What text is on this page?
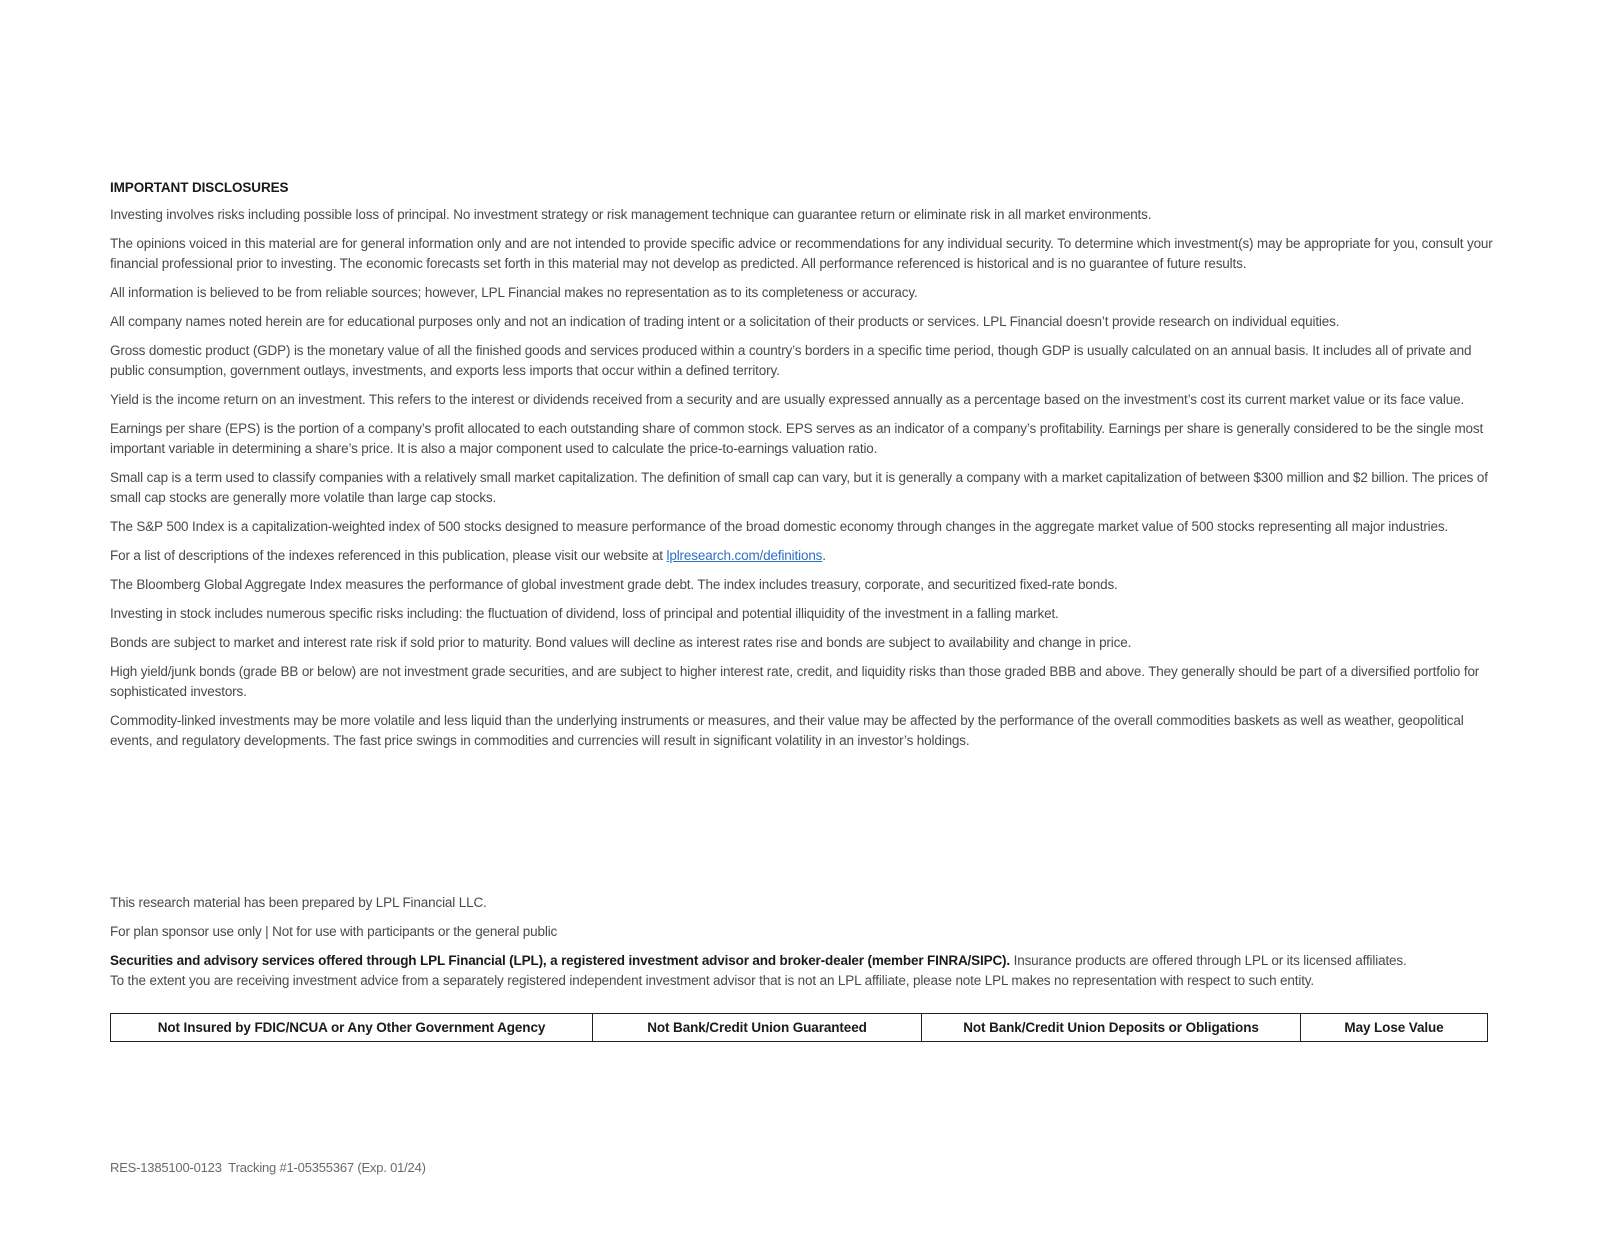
IMPORTANT DISCLOSURES

Investing involves risks including possible loss of principal. No investment strategy or risk management technique can guarantee return or eliminate risk in all market environments.

The opinions voiced in this material are for general information only and are not intended to provide specific advice or recommendations for any individual security. To determine which investment(s) may be appropriate for you, consult your financial professional prior to investing. The economic forecasts set forth in this material may not develop as predicted. All performance referenced is historical and is no guarantee of future results.

All information is believed to be from reliable sources; however, LPL Financial makes no representation as to its completeness or accuracy.

All company names noted herein are for educational purposes only and not an indication of trading intent or a solicitation of their products or services. LPL Financial doesn’t provide research on individual equities.

Gross domestic product (GDP) is the monetary value of all the finished goods and services produced within a country’s borders in a specific time period, though GDP is usually calculated on an annual basis. It includes all of private and public consumption, government outlays, investments, and exports less imports that occur within a defined territory.

Yield is the income return on an investment. This refers to the interest or dividends received from a security and are usually expressed annually as a percentage based on the investment’s cost its current market value or its face value.

Earnings per share (EPS) is the portion of a company’s profit allocated to each outstanding share of common stock. EPS serves as an indicator of a company’s profitability. Earnings per share is generally considered to be the single most important variable in determining a share’s price. It is also a major component used to calculate the price-to-earnings valuation ratio.

Small cap is a term used to classify companies with a relatively small market capitalization. The definition of small cap can vary, but it is generally a company with a market capitalization of between $300 million and $2 billion. The prices of small cap stocks are generally more volatile than large cap stocks.

The S&P 500 Index is a capitalization-weighted index of 500 stocks designed to measure performance of the broad domestic economy through changes in the aggregate market value of 500 stocks representing all major industries.

For a list of descriptions of the indexes referenced in this publication, please visit our website at lplresearch.com/definitions.

The Bloomberg Global Aggregate Index measures the performance of global investment grade debt. The index includes treasury, corporate, and securitized fixed-rate bonds.

Investing in stock includes numerous specific risks including: the fluctuation of dividend, loss of principal and potential illiquidity of the investment in a falling market.

Bonds are subject to market and interest rate risk if sold prior to maturity. Bond values will decline as interest rates rise and bonds are subject to availability and change in price.

High yield/junk bonds (grade BB or below) are not investment grade securities, and are subject to higher interest rate, credit, and liquidity risks than those graded BBB and above. They generally should be part of a diversified portfolio for sophisticated investors.

Commodity-linked investments may be more volatile and less liquid than the underlying instruments or measures, and their value may be affected by the performance of the overall commodities baskets as well as weather, geopolitical events, and regulatory developments. The fast price swings in commodities and currencies will result in significant volatility in an investor’s holdings.

This research material has been prepared by LPL Financial LLC.

For plan sponsor use only | Not for use with participants or the general public

Securities and advisory services offered through LPL Financial (LPL), a registered investment advisor and broker-dealer (member FINRA/SIPC). Insurance products are offered through LPL or its licensed affiliates.
To the extent you are receiving investment advice from a separately registered independent investment advisor that is not an LPL affiliate, please note LPL makes no representation with respect to such entity.

Not Insured by FDIC/NCUA or Any Other Government Agency	Not Bank/Credit Union Guaranteed	Not Bank/Credit Union Deposits or Obligations	May Lose Value
RES-1385100-0123  Tracking #1-05355367 (Exp. 01/24)
